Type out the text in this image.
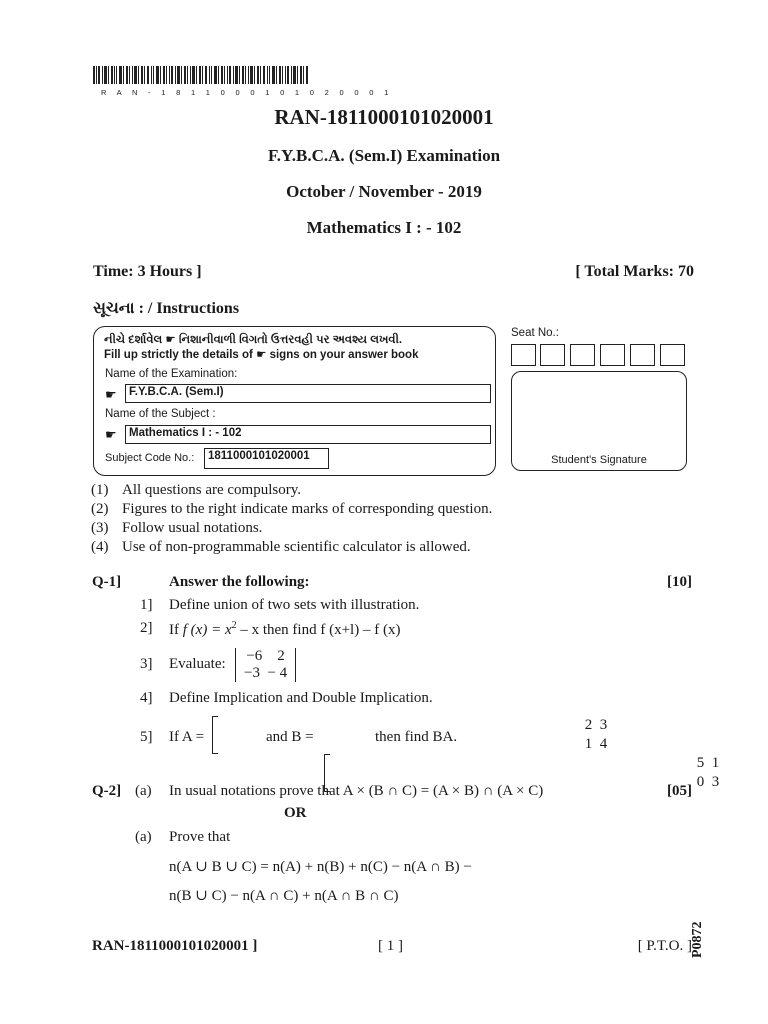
R A N - 1 8 1 1 0 0 0 1 0 1 0 2 0 0 0 1
RAN-1811000101020001
F.Y.B.C.A. (Sem.I) Examination
October / November - 2019
Mathematics I : - 102
Time: 3 Hours ]	[ Total Marks: 70
સૂચના : / Instructions
નીચે દર્શાવેલ ☛ નિશાનીવાળી વિગતો ઉત્તરવહી પર અવશ્ય લખવી.
Fill up strictly the details of ☛ signs on your answer book
Name of the Examination:
☛	F.Y.B.C.A. (Sem.I)
Name of the Subject :
☛	Mathematics I : - 102
Subject Code No.:	1811000101020001
Seat No.:
Student's Signature
(1) All questions are compulsory.
(2) Figures to the right indicate marks of corresponding question.
(3) Follow usual notations.
(4) Use of non-programmable scientific calculator is allowed.
Q-1]	Answer the following:	[10]
1] Define union of two sets with illustration.
2] If f $(x) = x^2 - x$ then find f (x+l) – f (x)
3] Evaluate: −6    2
−3  − 4
4] Define Implication and Double Implication.
5] If A =
2  3
1  4
and B =
5  1
0  3
then find BA.
Q-2] (a) In usual notations prove that A × (B ∩ C) = (A × B) ∩ (A × C)	[05]
OR
(a) Prove that
n(A ∪ B ∪ C) = n(A) + n(B) + n(C) − n(A ∩ B) −
n(B ∪ C) − n(A ∩ C) + n(A ∩ B ∩ C)
RAN-1811000101020001 ]	[ 1 ]	[ P.T.O. ]
P0872
